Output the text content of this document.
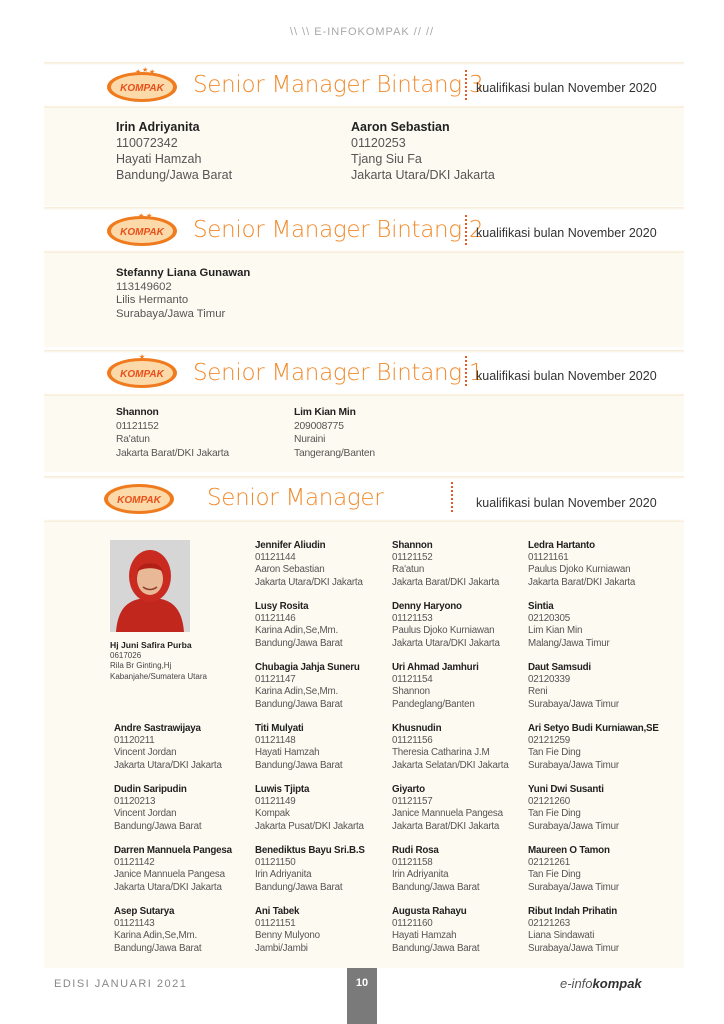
\\ \\ E-INFOKOMPAK // //
★ ★ ★
KOMPAK Senior Manager Bintang 3
kualifikasi bulan November 2020
Irin Adriyanita
110072342
Hayati Hamzah
Bandung/Jawa Barat
Aaron Sebastian
01120253
Tjang Siu Fa
Jakarta Utara/DKI Jakarta
★ ★
KOMPAK Senior Manager Bintang 2
kualifikasi bulan November 2020
Stefanny Liana Gunawan
113149602
Lilis Hermanto
Surabaya/Jawa Timur
★
KOMPAK Senior Manager Bintang 1
kualifikasi bulan November 2020
Shannon
01121152
Ra'atun
Jakarta Barat/DKI Jakarta
Lim Kian Min
209008775
Nuraini
Tangerang/Banten
KOMPAK Senior Manager	kualifikasi bulan November 2020
Hj Juni Safira Purba
0617026
Rila Br Ginting,Hj
Kabanjahe/Sumatera Utara
Jennifer Aliudin
01121144
Aaron Sebastian
Jakarta Utara/DKI Jakarta
Lusy Rosita
01121146
Karina Adin,Se,Mm.
Bandung/Jawa Barat
Chubagia Jahja Suneru
01121147
Karina Adin,Se,Mm.
Bandung/Jawa Barat
Shannon
01121152
Ra'atun
Jakarta Barat/DKI Jakarta
Denny Haryono
01121153
Paulus Djoko Kurniawan
Jakarta Utara/DKI Jakarta
Uri Ahmad Jamhuri
01121154
Shannon
Pandeglang/Banten
Ledra Hartanto
01121161
Paulus Djoko Kurniawan
Jakarta Barat/DKI Jakarta
Sintia
02120305
Lim Kian Min
Malang/Jawa Timur
Daut Samsudi
02120339
Reni
Surabaya/Jawa Timur
Andre Sastrawijaya
01120211
Vincent Jordan
Jakarta Utara/DKI Jakarta
Dudin Saripudin
01120213
Vincent Jordan
Bandung/Jawa Barat
Darren Mannuela Pangesa
01121142
Janice Mannuela Pangesa
Jakarta Utara/DKI Jakarta
Asep Sutarya
01121143
Karina Adin,Se,Mm.
Bandung/Jawa Barat
Titi Mulyati
01121148
Hayati Hamzah
Bandung/Jawa Barat
Luwis Tjipta
01121149
Kompak
Jakarta Pusat/DKI Jakarta
Benediktus Bayu Sri.B.S
01121150
Irin Adriyanita
Bandung/Jawa Barat
Ani Tabek
01121151
Benny Mulyono
Jambi/Jambi
Khusnudin
01121156
Theresia Catharina J.M
Jakarta Selatan/DKI Jakarta
Giyarto
01121157
Janice Mannuela Pangesa
Jakarta Barat/DKI Jakarta
Rudi Rosa
01121158
Irin Adriyanita
Bandung/Jawa Barat
Augusta Rahayu
01121160
Hayati Hamzah
Bandung/Jawa Barat
Ari Setyo Budi Kurniawan,SE
02121259
Tan Fie Ding
Surabaya/Jawa Timur
Yuni Dwi Susanti
02121260
Tan Fie Ding
Surabaya/Jawa Timur
Maureen O Tamon
02121261
Tan Fie Ding
Surabaya/Jawa Timur
Ribut Indah Prihatin
02121263
Liana Sindawati
Surabaya/Jawa Timur
EDISI JANUARI 2021	10	e-infokompak
